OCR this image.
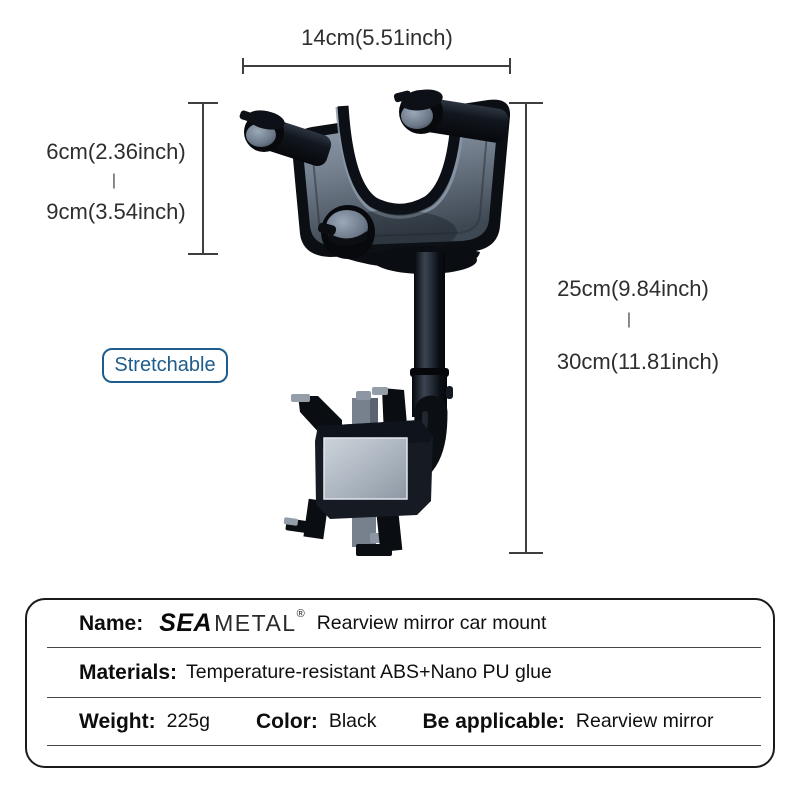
14cm(5.51inch)
6cm(2.36inch)
|
9cm(3.54inch)
25cm(9.84inch)
|
30cm(11.81inch)
Stretchable
Name: SEA METAL ® Rearview mirror car mount
Materials: Temperature-resistant ABS+Nano PU glue
Weight: 225g Color: Black Be applicable: Rearview mirror
